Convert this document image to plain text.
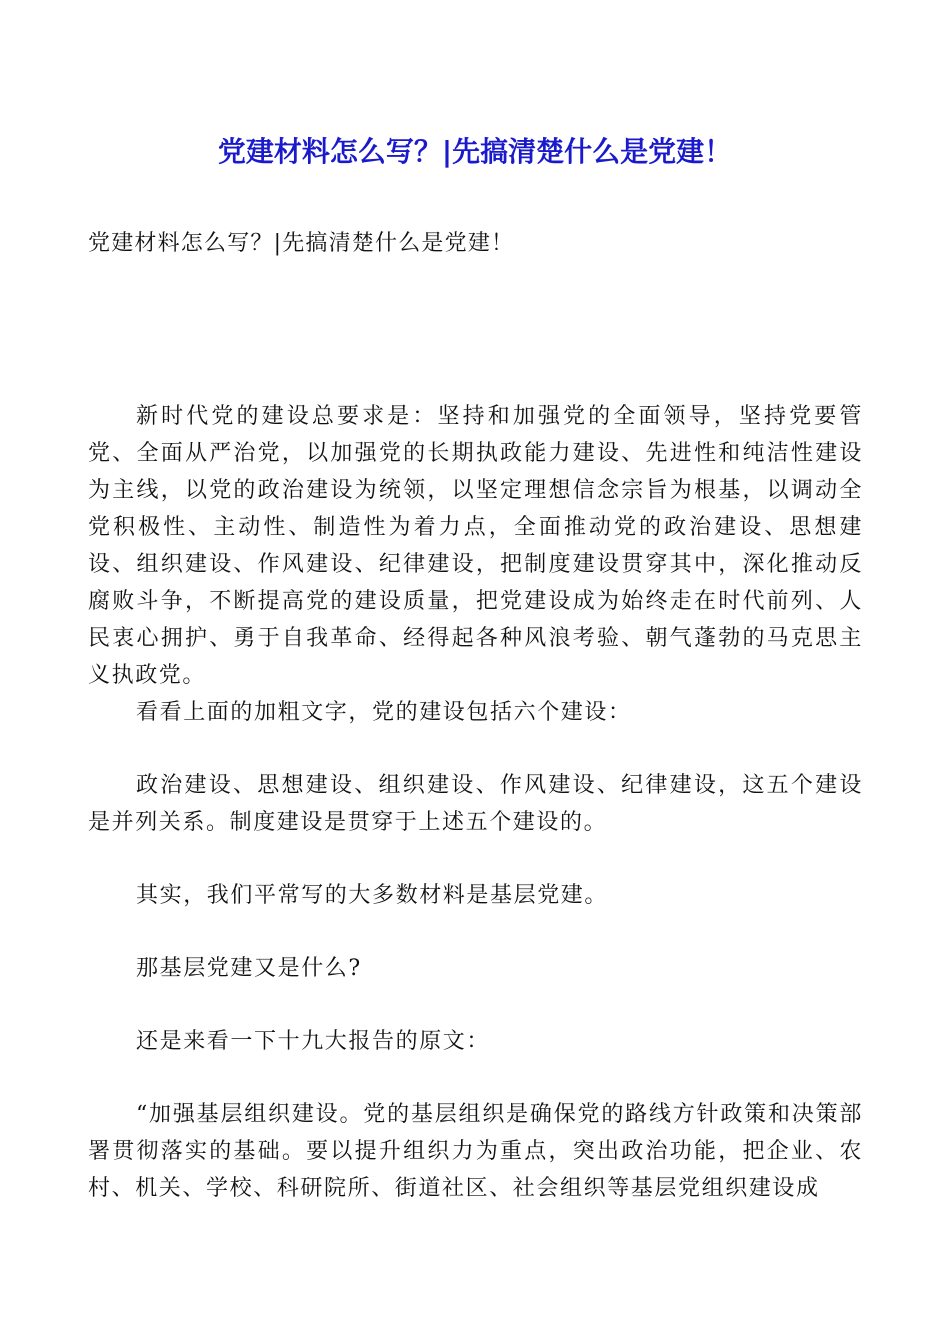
党建材料怎么写？|先搞清楚什么是党建！

党建材料怎么写？|先搞清楚什么是党建！

新时代党的建设总要求是：坚持和加强党的全面领导，坚持党要管党、全面从严治党，以加强党的长期执政能力建设、先进性和纯洁性建设为主线，以党的政治建设为统领，以坚定理想信念宗旨为根基，以调动全党积极性、主动性、制造性为着力点，全面推动党的政治建设、思想建设、组织建设、作风建设、纪律建设，把制度建设贯穿其中，深化推动反腐败斗争，不断提高党的建设质量，把党建设成为始终走在时代前列、人民衷心拥护、勇于自我革命、经得起各种风浪考验、朝气蓬勃的马克思主义执政党。

看看上面的加粗文字，党的建设包括六个建设：

政治建设、思想建设、组织建设、作风建设、纪律建设，这五个建设是并列关系。制度建设是贯穿于上述五个建设的。

其实，我们平常写的大多数材料是基层党建。

那基层党建又是什么?

还是来看一下十九大报告的原文：

“加强基层组织建设。党的基层组织是确保党的路线方针政策和决策部署贯彻落实的基础。要以提升组织力为重点，突出政治功能，把企业、农村、机关、学校、科研院所、街道社区、社会组织等基层党组织建设成
